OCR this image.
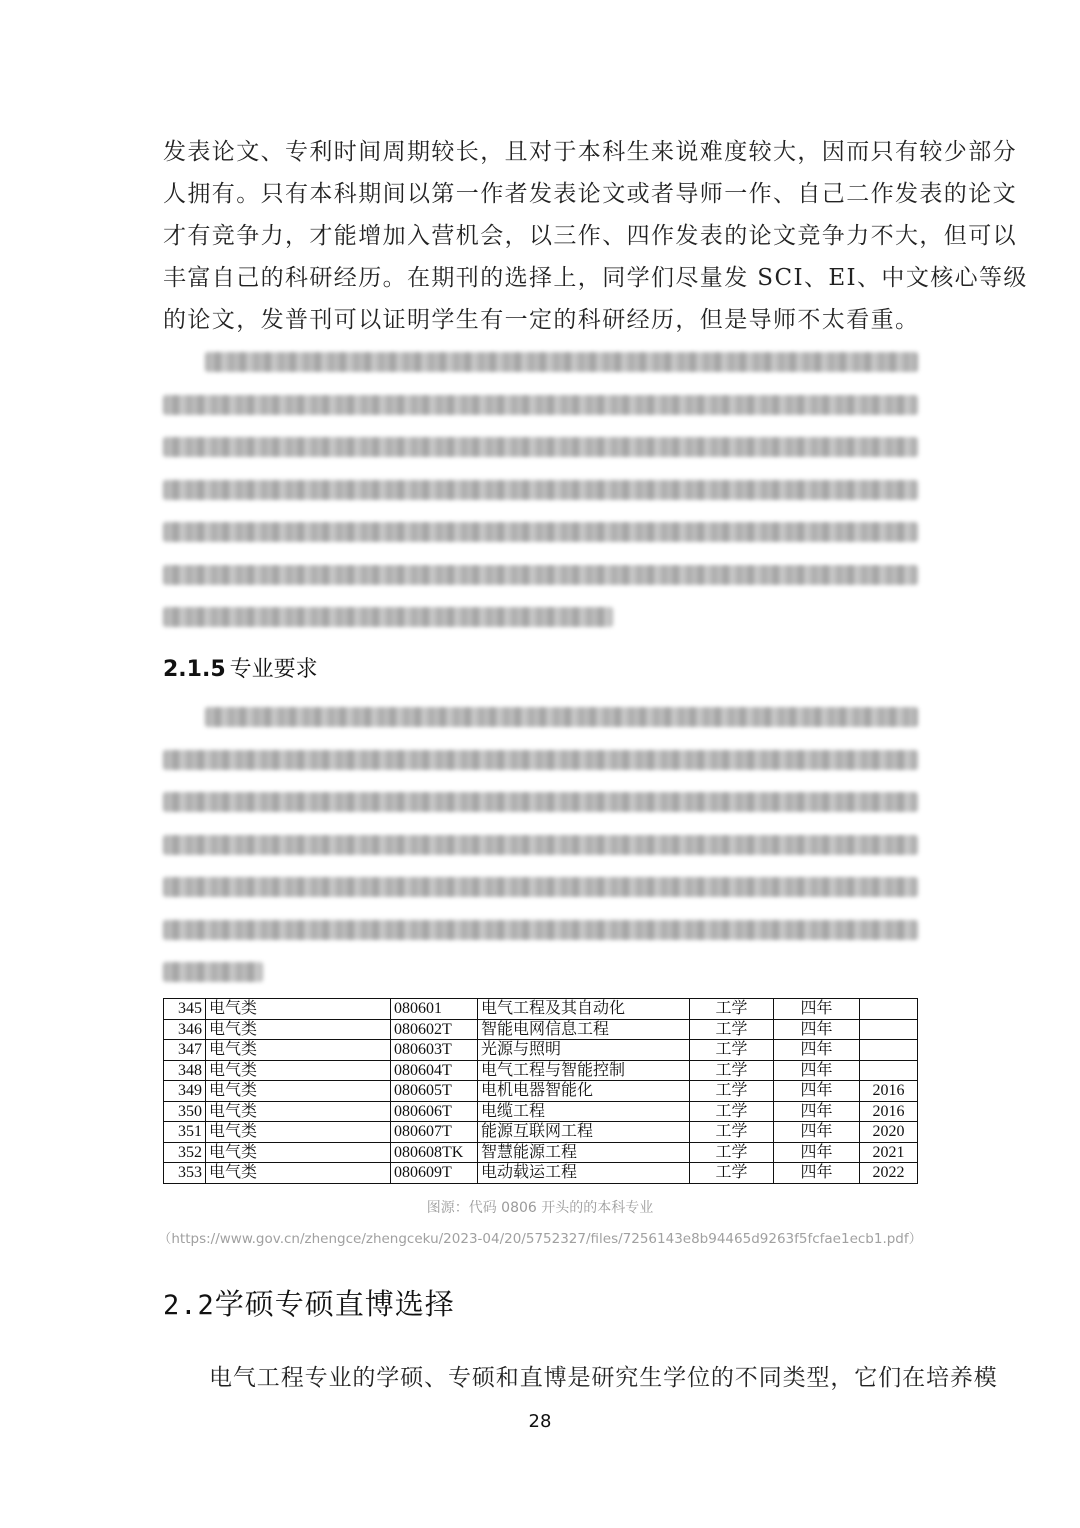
发表论文、专利时间周期较长，且对于本科生来说难度较大，因而只有较少部分
人拥有。只有本科期间以第一作者发表论文或者导师一作、自己二作发表的论文
才有竞争力，才能增加入营机会，以三作、四作发表的论文竞争力不大，但可以
丰富自己的科研经历。在期刊的选择上，同学们尽量发 SCI、EI、中文核心等级
的论文，发普刊可以证明学生有一定的科研经历，但是导师不太看重。
2.1.5 专业要求
345	电气类	080601	电气工程及其自动化	工学	四年	
346	电气类	080602T	智能电网信息工程	工学	四年	
347	电气类	080603T	光源与照明	工学	四年	
348	电气类	080604T	电气工程与智能控制	工学	四年	
349	电气类	080605T	电机电器智能化	工学	四年	2016
350	电气类	080606T	电缆工程	工学	四年	2016
351	电气类	080607T	能源互联网工程	工学	四年	2020
352	电气类	080608TK	智慧能源工程	工学	四年	2021
353	电气类	080609T	电动载运工程	工学	四年	2022
图源：代码 0806 开头的的本科专业
（https://www.gov.cn/zhengce/zhengceku/2023-04/20/5752327/files/7256143e8b94465d9263f5fcfae1ecb1.pdf）
2.2学硕专硕直博选择
电气工程专业的学硕、专硕和直博是研究生学位的不同类型，它们在培养模
28
